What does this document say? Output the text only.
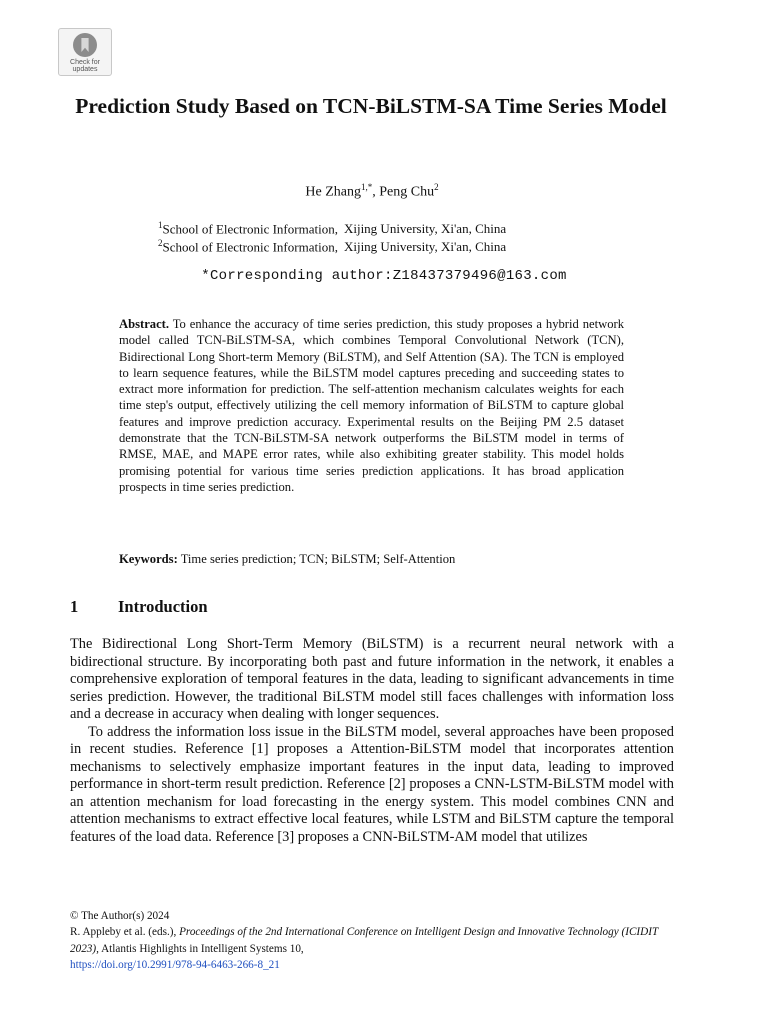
Check for
updates
Prediction Study Based on TCN-BiLSTM-SA Time Series Model
He Zhang$^{1,*}$, Peng Chu$^2$
$^1$School of Electronic Information, Xijing University, Xi'an, China
$^2$School of Electronic Information, Xijing University, Xi'an, China
*Corresponding author:Z18437379496@163.com

Abstract. To enhance the accuracy of time series prediction, this study proposes a hybrid network model called TCN-BiLSTM-SA, which combines Temporal Convolutional Network (TCN), Bidirectional Long Short-term Memory (BiLSTM), and Self Attention (SA). The TCN is employed to learn sequence features, while the BiLSTM model captures preceding and succeeding states to extract more information for prediction. The self-attention mechanism calculates weights for each time step's output, effectively utilizing the cell memory information of BiLSTM to capture global features and improve prediction accuracy. Experimental results on the Beijing PM 2.5 dataset demonstrate that the TCN-BiLSTM-SA network outperforms the BiLSTM model in terms of RMSE, MAE, and MAPE error rates, while also exhibiting greater stability. This model holds promising potential for various time series prediction applications. It has broad application prospects in time series prediction.

Keywords: Time series prediction; TCN; BiLSTM; Self-Attention

1 Introduction

The Bidirectional Long Short-Term Memory (BiLSTM) is a recurrent neural network with a bidirectional structure. By incorporating both past and future information in the network, it enables a comprehensive exploration of temporal features in the data, leading to significant advancements in time series prediction. However, the traditional BiLSTM model still faces challenges with information loss and a decrease in accuracy when dealing with longer sequences.

To address the information loss issue in the BiLSTM model, several approaches have been proposed in recent studies. Reference [1] proposes a Attention-BiLSTM model that incorporates attention mechanisms to selectively emphasize important features in the input data, leading to improved performance in short-term result prediction. Reference [2] proposes a CNN-LSTM-BiLSTM model with an attention mechanism for load forecasting in the energy system. This model combines CNN and attention mechanisms to extract effective local features, while LSTM and BiLSTM capture the temporal features of the load data. Reference [3] proposes a CNN-BiLSTM-AM model that utilizes

© The Author(s) 2024
R. Appleby et al. (eds.), Proceedings of the 2nd International Conference on Intelligent Design and Innovative Technology (ICIDIT 2023), Atlantis Highlights in Intelligent Systems 10,
https://doi.org/10.2991/978-94-6463-266-8_21
